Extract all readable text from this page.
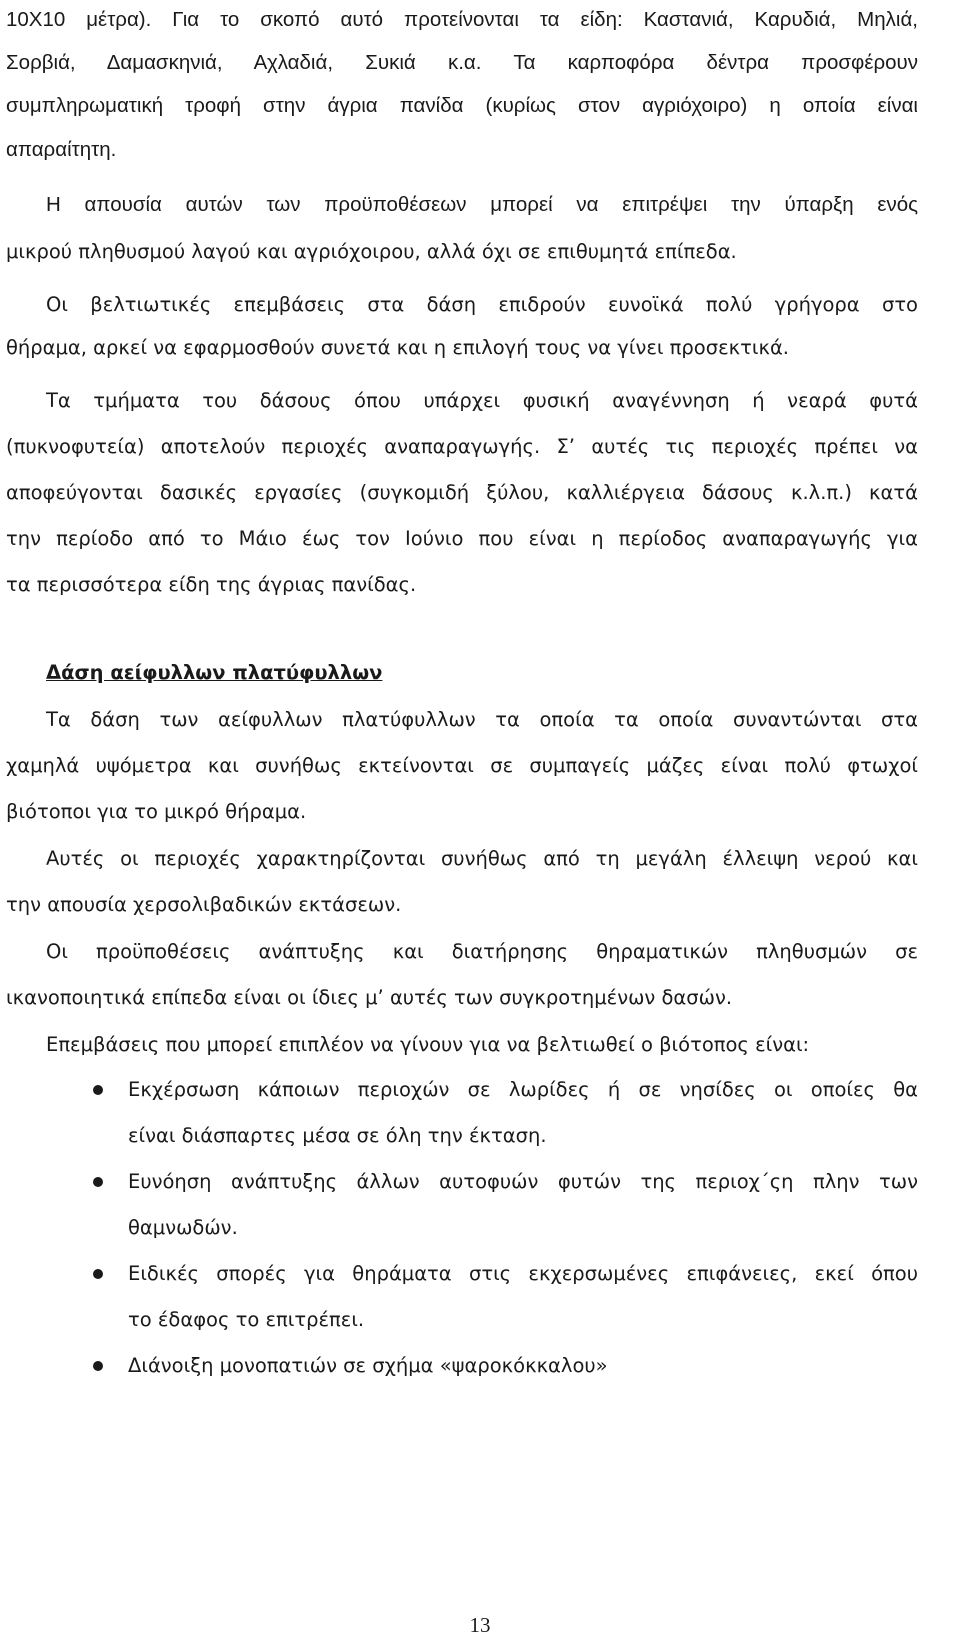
10Χ10 μέτρα). Για το σκοπό αυτό προτείνονται τα είδη: Καστανιά, Καρυδιά, Μηλιά,
Σορβιά, Δαμασκηνιά, Αχλαδιά, Συκιά κ.α. Τα καρποφόρα δέντρα προσφέρουν
συμπληρωματική τροφή στην άγρια πανίδα (κυρίως στον αγριόχοιρο) η οποία είναι
απαραίτητη.
Η απουσία αυτών των προϋποθέσεων μπορεί να επιτρέψει την ύπαρξη ενός
μικρού πληθυσμού λαγού και αγριόχοιρου, αλλά όχι σε επιθυμητά επίπεδα.
Οι βελτιωτικές επεμβάσεις στα δάση επιδρούν ευνοϊκά πολύ γρήγορα στο
θήραμα, αρκεί να εφαρμοσθούν συνετά και η επιλογή τους να γίνει προσεκτικά.
Τα τμήματα του δάσους όπου υπάρχει φυσική αναγέννηση ή νεαρά φυτά
(πυκνοφυτεία) αποτελούν περιοχές αναπαραγωγής. Σ’ αυτές τις περιοχές πρέπει να
αποφεύγονται δασικές εργασίες (συγκομιδή ξύλου, καλλιέργεια δάσους κ.λ.π.) κατά
την περίοδο από το Μάιο έως τον Ιούνιο που είναι η περίοδος αναπαραγωγής για
τα περισσότερα είδη της άγριας πανίδας.
Δάση αείφυλλων πλατύφυλλων
Τα δάση των αείφυλλων πλατύφυλλων τα οποία τα οποία συναντώνται στα
χαμηλά υψόμετρα και συνήθως εκτείνονται σε συμπαγείς μάζες είναι πολύ φτωχοί
βιότοποι για το μικρό θήραμα.
Αυτές οι περιοχές χαρακτηρίζονται συνήθως από τη μεγάλη έλλειψη νερού και
την απουσία χερσολιβαδικών εκτάσεων.
Οι προϋποθέσεις ανάπτυξης και διατήρησης θηραματικών πληθυσμών σε
ικανοποιητικά επίπεδα είναι οι ίδιες μ’ αυτές των συγκροτημένων δασών.
Επεμβάσεις που μπορεί επιπλέον να γίνουν για να βελτιωθεί ο βιότοπος είναι:
Εκχέρσωση κάποιων περιοχών σε λωρίδες ή σε νησίδες οι οποίες θα
είναι διάσπαρτες μέσα σε όλη την έκταση.
Ευνόηση ανάπτυξης άλλων αυτοφυών φυτών της περιοχ΄ςη πλην των
θαμνωδών.
Ειδικές σπορές για θηράματα στις εκχερσωμένες επιφάνειες, εκεί όπου
το έδαφος το επιτρέπει.
Διάνοιξη μονοπατιών σε σχήμα «ψαροκόκκαλου»
13
